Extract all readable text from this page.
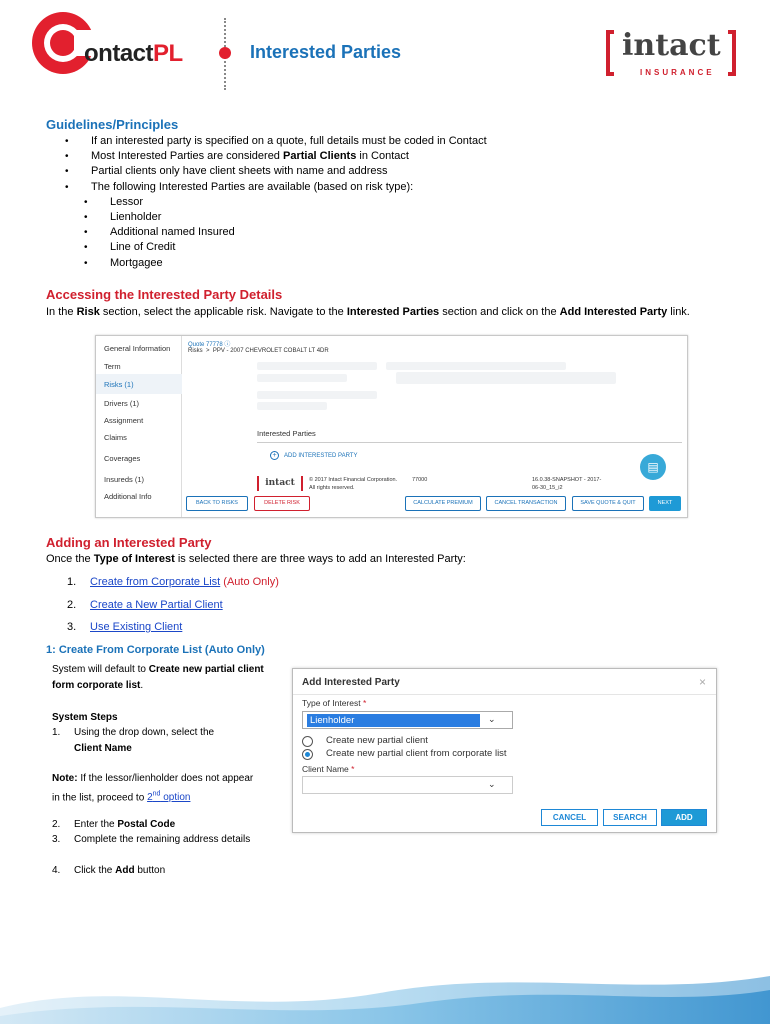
ontactPL	Interested Parties	intact
INSURANCE
Guidelines/Principles
• If an interested party is specified on a quote, full details must be coded in Contact
• Most Interested Parties are considered Partial Clients in Contact
• Partial clients only have client sheets with name and address
• The following Interested Parties are available (based on risk type):
• Lessor
• Lienholder
• Additional named Insured
• Line of Credit
• Mortgagee
Accessing the Interested Party Details
In the Risk section, select the applicable risk. Navigate to the Interested Parties section and click on the Add Interested Party link.
General Information
Term
Risks (1)
Drivers (1)
Assignment
Claims
Coverages
Insureds (1)
Additional Info
Quote 77778 ⓘ
Risks > PPV - 2007 CHEVROLET COBALT LT 4DR
Interested Parties
+	ADD INTERESTED PARTY
▤
intact	© 2017 Intact Financial Corporation.
All rights reserved.
77000	16.0.38-SNAPSHOT - 2017-
06-30_15_i2
BACK TO RISKS	DELETE RISK	CALCULATE PREMIUM	CANCEL TRANSACTION	SAVE QUOTE & QUIT	NEXT
Adding an Interested Party
Once the Type of Interest is selected there are three ways to add an Interested Party:
1. Create from Corporate List (Auto Only)
2. Create a New Partial Client
3. Use Existing Client
1: Create From Corporate List (Auto Only)
System will default to Create new partial client form corporate list.
System Steps
1. Using the drop down, select the Client Name
Note: If the lessor/lienholder does not appear in the list, proceed to 2nd option
2. Enter the Postal Code
3. Complete the remaining address details
4. Click the Add button
Add Interested Party	×
Type of Interest *
Lienholder	⌄
Create new partial client
Create new partial client from corporate list
Client Name *
⌄
CANCEL	SEARCH	ADD
